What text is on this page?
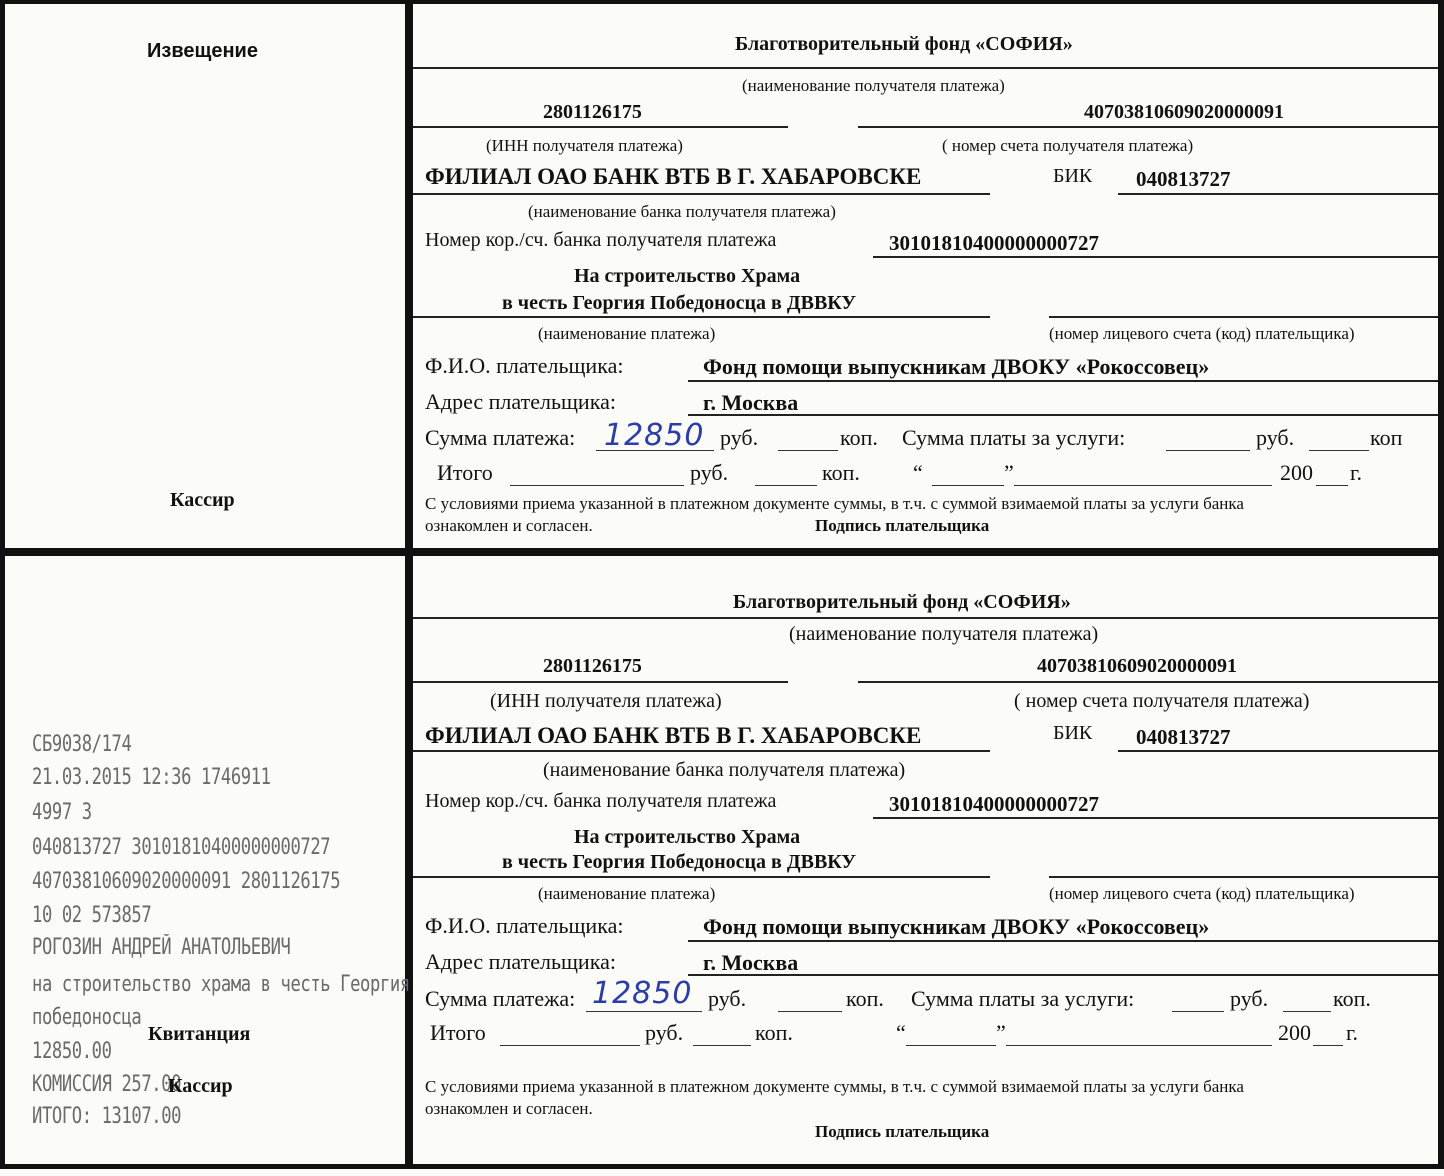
Извещение
Кассир
Благотворительный фонд «СОФИЯ»
(наименование получателя платежа)
2801126175	40703810609020000091
(ИНН получателя платежа)	( номер счета получателя платежа)
ФИЛИАЛ ОАО БАНК ВТБ В Г. ХАБАРОВСКЕ	БИК 040813727
(наименование банка получателя платежа)
Номер кор./сч. банка получателя платежа	30101810400000000727
На строительство Храма
в честь Георгия Победоносца в ДВВКУ
(наименование платежа)	(номер лицевого счета (код) плательщика)
Ф.И.О. плательщика:	Фонд помощи выпускникам ДВОКУ «Рокоссовец»
Адрес плательщика:	г. Москва
Сумма платежа: 12850 руб.	коп. Сумма платы за услуги:	руб.	коп
Итого	руб.	коп. “	”	200 г.
С условиями приема указанной в платежном документе суммы, в т.ч. с суммой взимаемой платы за услуги банка
ознакомлен и согласен.	Подпись плательщика
СБ9038/174
21.03.2015 12:36 1746911
4997 3
040813727 30101810400000000727
40703810609020000091 2801126175
10 02 573857
РОГОЗИН АНДРЕЙ АНАТОЛЬЕВИЧ
на строительство храма в честь Георгия
победоносца
12850.00
КОМИССИЯ 257.00
ИТОГО: 13107.00
Квитанция
Кассир
Благотворительный фонд «СОФИЯ»
(наименование получателя платежа)
2801126175	40703810609020000091
(ИНН получателя платежа)	( номер счета получателя платежа)
ФИЛИАЛ ОАО БАНК ВТБ В Г. ХАБАРОВСКЕ	БИК 040813727
(наименование банка получателя платежа)
Номер кор./сч. банка получателя платежа	30101810400000000727
На строительство Храма
в честь Георгия Победоносца в ДВВКУ
(наименование платежа)	(номер лицевого счета (код) плательщика)
Ф.И.О. плательщика:	Фонд помощи выпускникам ДВОКУ «Рокоссовец»
Адрес плательщика:	г. Москва
Сумма платежа: 12850 руб.	коп. Сумма платы за услуги:	руб.	коп.
Итого	руб.	коп.	“	”	200 г.
С условиями приема указанной в платежном документе суммы, в т.ч. с суммой взимаемой платы за услуги банка
ознакомлен и согласен.
Подпись плательщика
